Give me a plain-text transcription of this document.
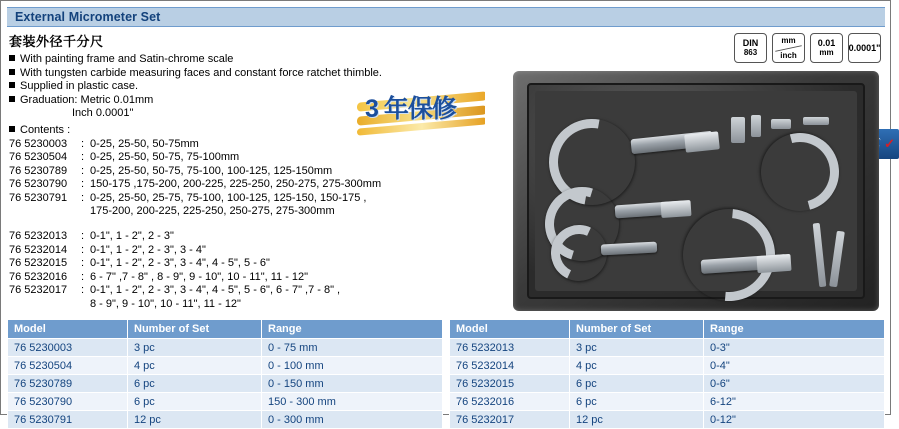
External Micrometer Set
套装外径千分尺
With painting frame and Satin-chrome scale
With tungsten carbide measuring faces and constant force ratchet thimble.
Supplied in plastic case.
Graduation: Metric 0.01mm
Inch 0.0001"
Contents :
76 5230003 : 0-25, 25-50, 50-75mm
76 5230504 : 0-25, 25-50, 50-75, 75-100mm
76 5230789 : 0-25, 25-50, 50-75, 75-100, 100-125, 125-150mm
76 5230790 : 150-175 ,175-200, 200-225, 225-250, 250-275, 275-300mm
76 5230791 : 0-25, 25-50, 25-75, 75-100, 100-125, 125-150, 150-175 ,
175-200, 200-225, 225-250, 250-275, 275-300mm
76 5232013 : 0-1", 1 - 2", 2 - 3"
76 5232014 : 0-1", 1 - 2", 2 - 3", 3 - 4"
76 5232015 : 0-1", 1 - 2", 2 - 3", 3 - 4", 4 - 5", 5 - 6"
76 5232016 : 6 - 7" ,7 - 8" , 8 - 9", 9 - 10", 10 - 11", 11 - 12"
76 5232017 : 0-1", 1 - 2", 2 - 3", 3 - 4", 4 - 5", 5 - 6", 6 - 7" ,7 - 8" ,
8 - 9", 9 - 10", 10 - 11", 11 - 12"
DIN
863
mm
inch
0.01
mm 0.0001"
3 年保修
✓
Model	Number of Set	Range
76 5230003	3 pc	0 - 75 mm
76 5230504	4 pc	0 - 100 mm
76 5230789	6 pc	0 - 150 mm
76 5230790	6 pc	150 - 300 mm
76 5230791	12 pc	0 - 300 mm
Model	Number of Set	Range
76 5232013	3 pc	0-3"
76 5232014	4 pc	0-4"
76 5232015	6 pc	0-6"
76 5232016	6 pc	6-12"
76 5232017	12 pc	0-12"
